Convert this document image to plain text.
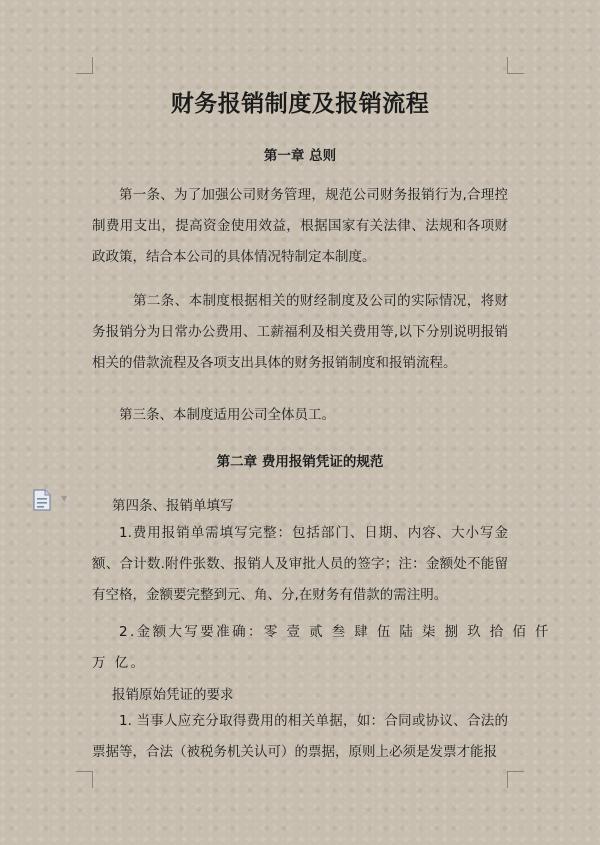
财务报销制度及报销流程

第一章 总则

第一条、为了加强公司财务管理，规范公司财务报销行为,合理控制费用支出，提高资金使用效益，根据国家有关法律、法规和各项财政政策，结合本公司的具体情况特制定本制度。

第二条、本制度根据相关的财经制度及公司的实际情况，将财务报销分为日常办公费用、工薪福利及相关费用等,以下分别说明报销相关的借款流程及各项支出具体的财务报销制度和报销流程。

第三条、本制度适用公司全体员工。

第二章 费用报销凭证的规范

▼	第四条、报销单填写

1.费用报销单需填写完整：包括部门、日期、内容、大小写金额、合计数.附件张数、报销人及审批人员的签字；注：金额处不能留有空格，金额要完整到元、角、分,在财务有借款的需注明。

2.金额大写要准确：零 壹 贰 叁 肆 伍 陆 柒 捌 玖 拾 佰 仟

万 亿。

报销原始凭证的要求

1. 当事人应充分取得费用的相关单据，如：合同或协议、合法的票据等，合法（被税务机关认可）的票据，原则上必须是发票才能报
